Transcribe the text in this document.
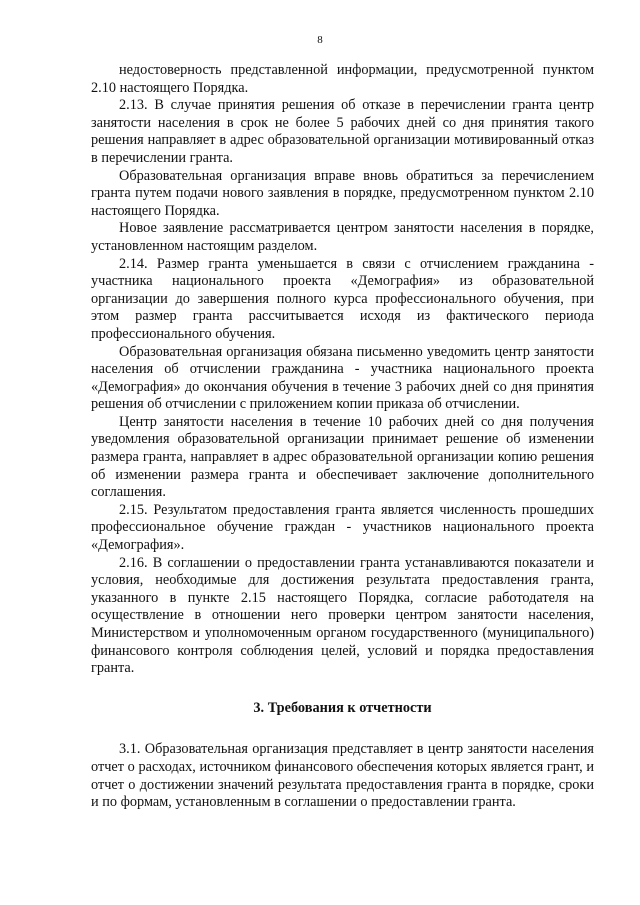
8

недостоверность представленной информации, предусмотренной пунктом 2.10 настоящего Порядка.

2.13. В случае принятия решения об отказе в перечислении гранта центр занятости населения в срок не более 5 рабочих дней со дня принятия такого решения направляет в адрес образовательной организации мотивированный отказ в перечислении гранта.

Образовательная организация вправе вновь обратиться за перечислением гранта путем подачи нового заявления в порядке, предусмотренном пунктом 2.10 настоящего Порядка.

Новое заявление рассматривается центром занятости населения в порядке, установленном настоящим разделом.

2.14. Размер гранта уменьшается в связи с отчислением гражданина - участника национального проекта «Демография» из образовательной организации до завершения полного курса профессионального обучения, при этом размер гранта рассчитывается исходя из фактического периода профессионального обучения.

Образовательная организация обязана письменно уведомить центр занятости населения об отчислении гражданина - участника национального проекта «Демография» до окончания обучения в течение 3 рабочих дней со дня принятия решения об отчислении с приложением копии приказа об отчислении.

Центр занятости населения в течение 10 рабочих дней со дня получения уведомления образовательной организации принимает решение об изменении размера гранта, направляет в адрес образовательной организации копию решения об изменении размера гранта и обеспечивает заключение дополнительного соглашения.

2.15. Результатом предоставления гранта является численность прошедших профессиональное обучение граждан - участников национального проекта «Демография».

2.16. В соглашении о предоставлении гранта устанавливаются показатели и условия, необходимые для достижения результата предоставления гранта, указанного в пункте 2.15 настоящего Порядка, согласие работодателя на осуществление в отношении него проверки центром занятости населения, Министерством и уполномоченным органом государственного (муниципального) финансового контроля соблюдения целей, условий и порядка предоставления гранта.

3. Требования к отчетности

3.1. Образовательная организация представляет в центр занятости населения отчет о расходах, источником финансового обеспечения которых является грант, и отчет о достижении значений результата предоставления гранта в порядке, сроки и по формам, установленным в соглашении о предоставлении гранта.
